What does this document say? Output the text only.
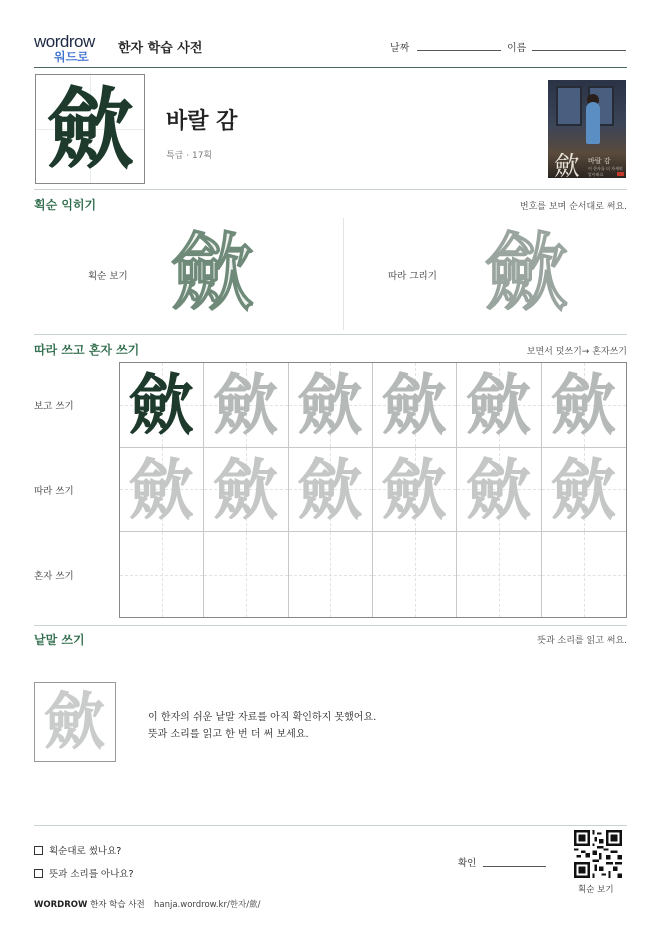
wordrow
워드로
한자 학습 사전	날짜	이름
歛	바랄 감
특급 · 17획	歛 바랄 감
이 한자를 더 자세히 알아봐요
획순 익히기	번호를 보며 순서대로 써요.
획순 보기 歛	따라 그리기 歛
따라 쓰고 혼자 쓰기	보면서 덧쓰기→ 혼자쓰기
보고 쓰기
따라 쓰기
혼자 쓰기
歛 歛 歛 歛 歛 歛
歛 歛 歛 歛 歛 歛
낱말 쓰기	뜻과 소리를 읽고 써요.
歛	이 한자의 쉬운 낱말 자료를 아직 확인하지 못했어요.
뜻과 소리를 읽고 한 번 더 써 보세요.
획순대로 썼나요?
뜻과 소리를 아나요?
확인
획순 보기
WORDROW 한자 학습 사전 hanja.wordrow.kr/한자/歛/
